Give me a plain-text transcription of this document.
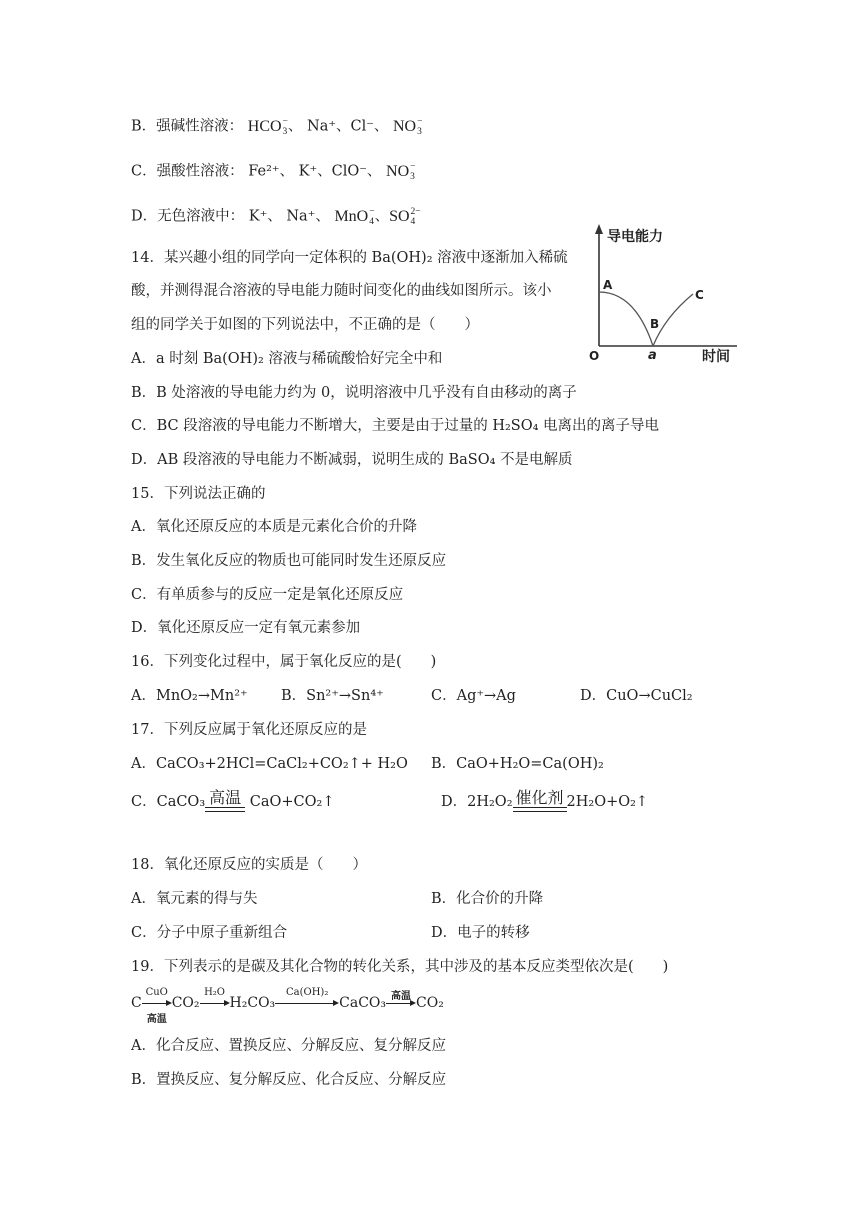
B．强碱性溶液： HCO −
3 、 Na⁺、Cl⁻、 NO −
3
C．强酸性溶液： Fe²⁺、 K⁺、ClO⁻、 NO −
3
D．无色溶液中： K⁺、 Na⁺、 MnO −
4 、SO 2−
4
14．某兴趣小组的同学向一定体积的 Ba(OH)₂ 溶液中逐渐加入稀硫
酸，并测得混合溶液的导电能力随时间变化的曲线如图所示。该小
组的同学关于如图的下列说法中，不正确的是（　　）
A．a 时刻 Ba(OH)₂ 溶液与稀硫酸恰好完全中和
B．B 处溶液的导电能力约为 0，说明溶液中几乎没有自由移动的离子
C．BC 段溶液的导电能力不断增大，主要是由于过量的 H₂SO₄ 电离出的离子导电
D．AB 段溶液的导电能力不断减弱，说明生成的 BaSO₄ 不是电解质
导电能力
A
B
C
O	a	时间
15．下列说法正确的
A．氧化还原反应的本质是元素化合价的升降
B．发生氧化反应的物质也可能同时发生还原反应
C．有单质参与的反应一定是氧化还原反应
D．氧化还原反应一定有氧元素参加
16．下列变化过程中，属于氧化反应的是(　　)
A．MnO₂→Mn²⁺ B．Sn²⁺→Sn⁴⁺	C．Ag⁺→Ag	D．CuO→CuCl₂
17．下列反应属于氧化还原反应的是
A．CaCO₃+2HCl=CaCl₂+CO₂↑+ H₂O B．CaO+H₂O=Ca(OH)₂
C．CaCO₃ 高温 CaO+CO₂↑	D．2H₂O₂ 催化剂 2H₂O+O₂↑
18．氧化还原反应的实质是（　　）
A．氧元素的得与失	B．化合价的升降
C．分子中原子重新组合	D．电子的转移
19．下列表示的是碳及其化合物的转化关系，其中涉及的基本反应类型依次是(　　)
C
CuO
高温
CO₂
H₂O
H₂CO₃
Ca(OH)₂
CaCO₃ 高温 CO₂
A．化合反应、置换反应、分解反应、复分解反应
B．置换反应、复分解反应、化合反应、分解反应
